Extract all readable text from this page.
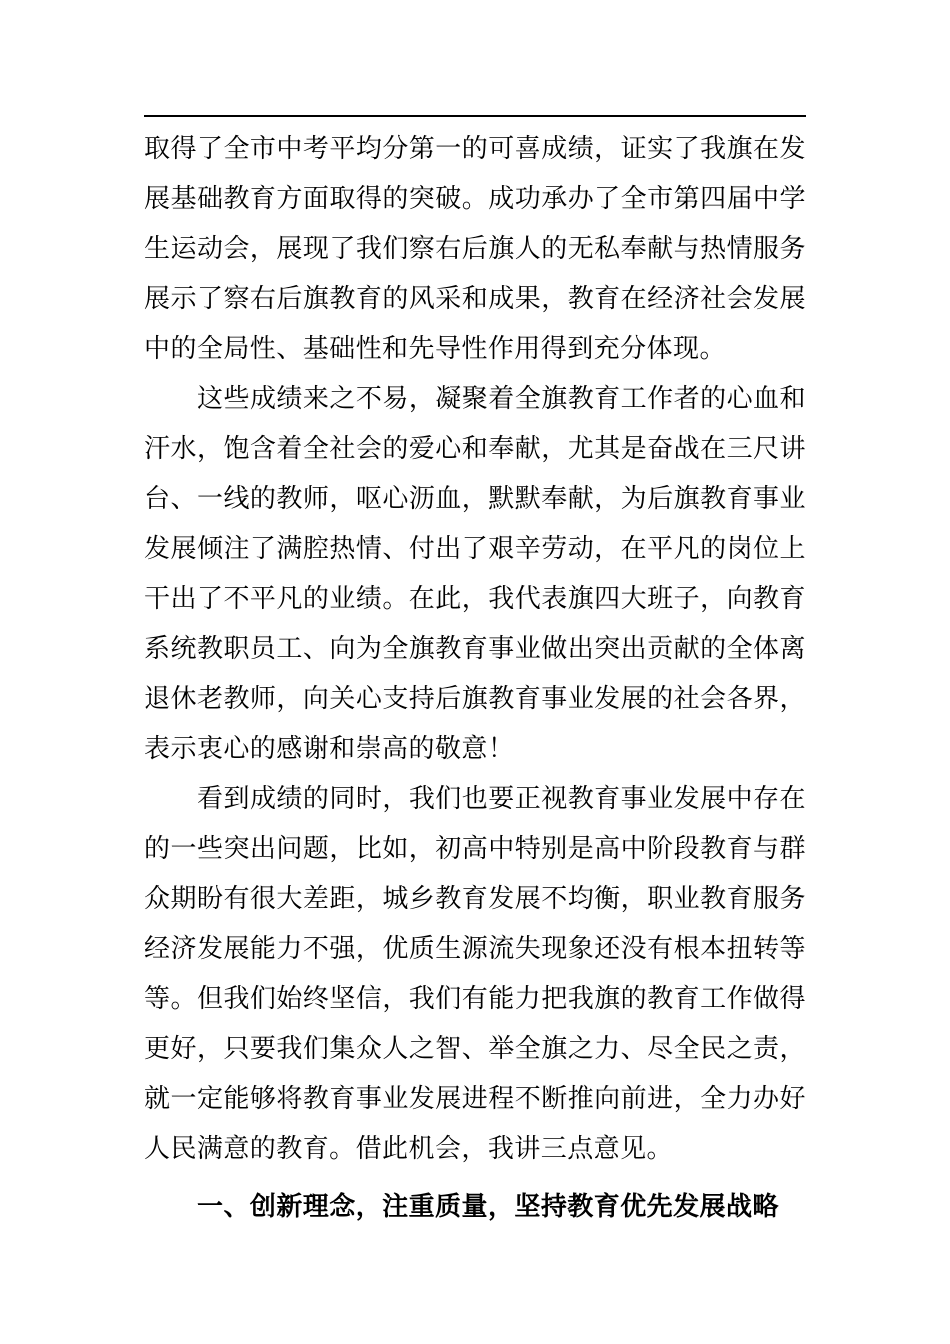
取得了全市中考平均分第一的可喜成绩，证实了我旗在发展基础教育方面取得的突破。成功承办了全市第四届中学生运动会，展现了我们察右后旗人的无私奉献与热情服务展示了察右后旗教育的风采和成果，教育在经济社会发展中的全局性、基础性和先导性作用得到充分体现。

这些成绩来之不易，凝聚着全旗教育工作者的心血和汗水，饱含着全社会的爱心和奉献，尤其是奋战在三尺讲台、一线的教师，呕心沥血，默默奉献，为后旗教育事业发展倾注了满腔热情、付出了艰辛劳动，在平凡的岗位上干出了不平凡的业绩。在此，我代表旗四大班子，向教育系统教职员工、向为全旗教育事业做出突出贡献的全体离退休老教师，向关心支持后旗教育事业发展的社会各界，表示衷心的感谢和崇高的敬意！

看到成绩的同时，我们也要正视教育事业发展中存在的一些突出问题，比如，初高中特别是高中阶段教育与群众期盼有很大差距，城乡教育发展不均衡，职业教育服务经济发展能力不强，优质生源流失现象还没有根本扭转等等。但我们始终坚信，我们有能力把我旗的教育工作做得更好，只要我们集众人之智、举全旗之力、尽全民之责，就一定能够将教育事业发展进程不断推向前进，全力办好人民满意的教育。借此机会，我讲三点意见。

一、创新理念，注重质量，坚持教育优先发展战略
